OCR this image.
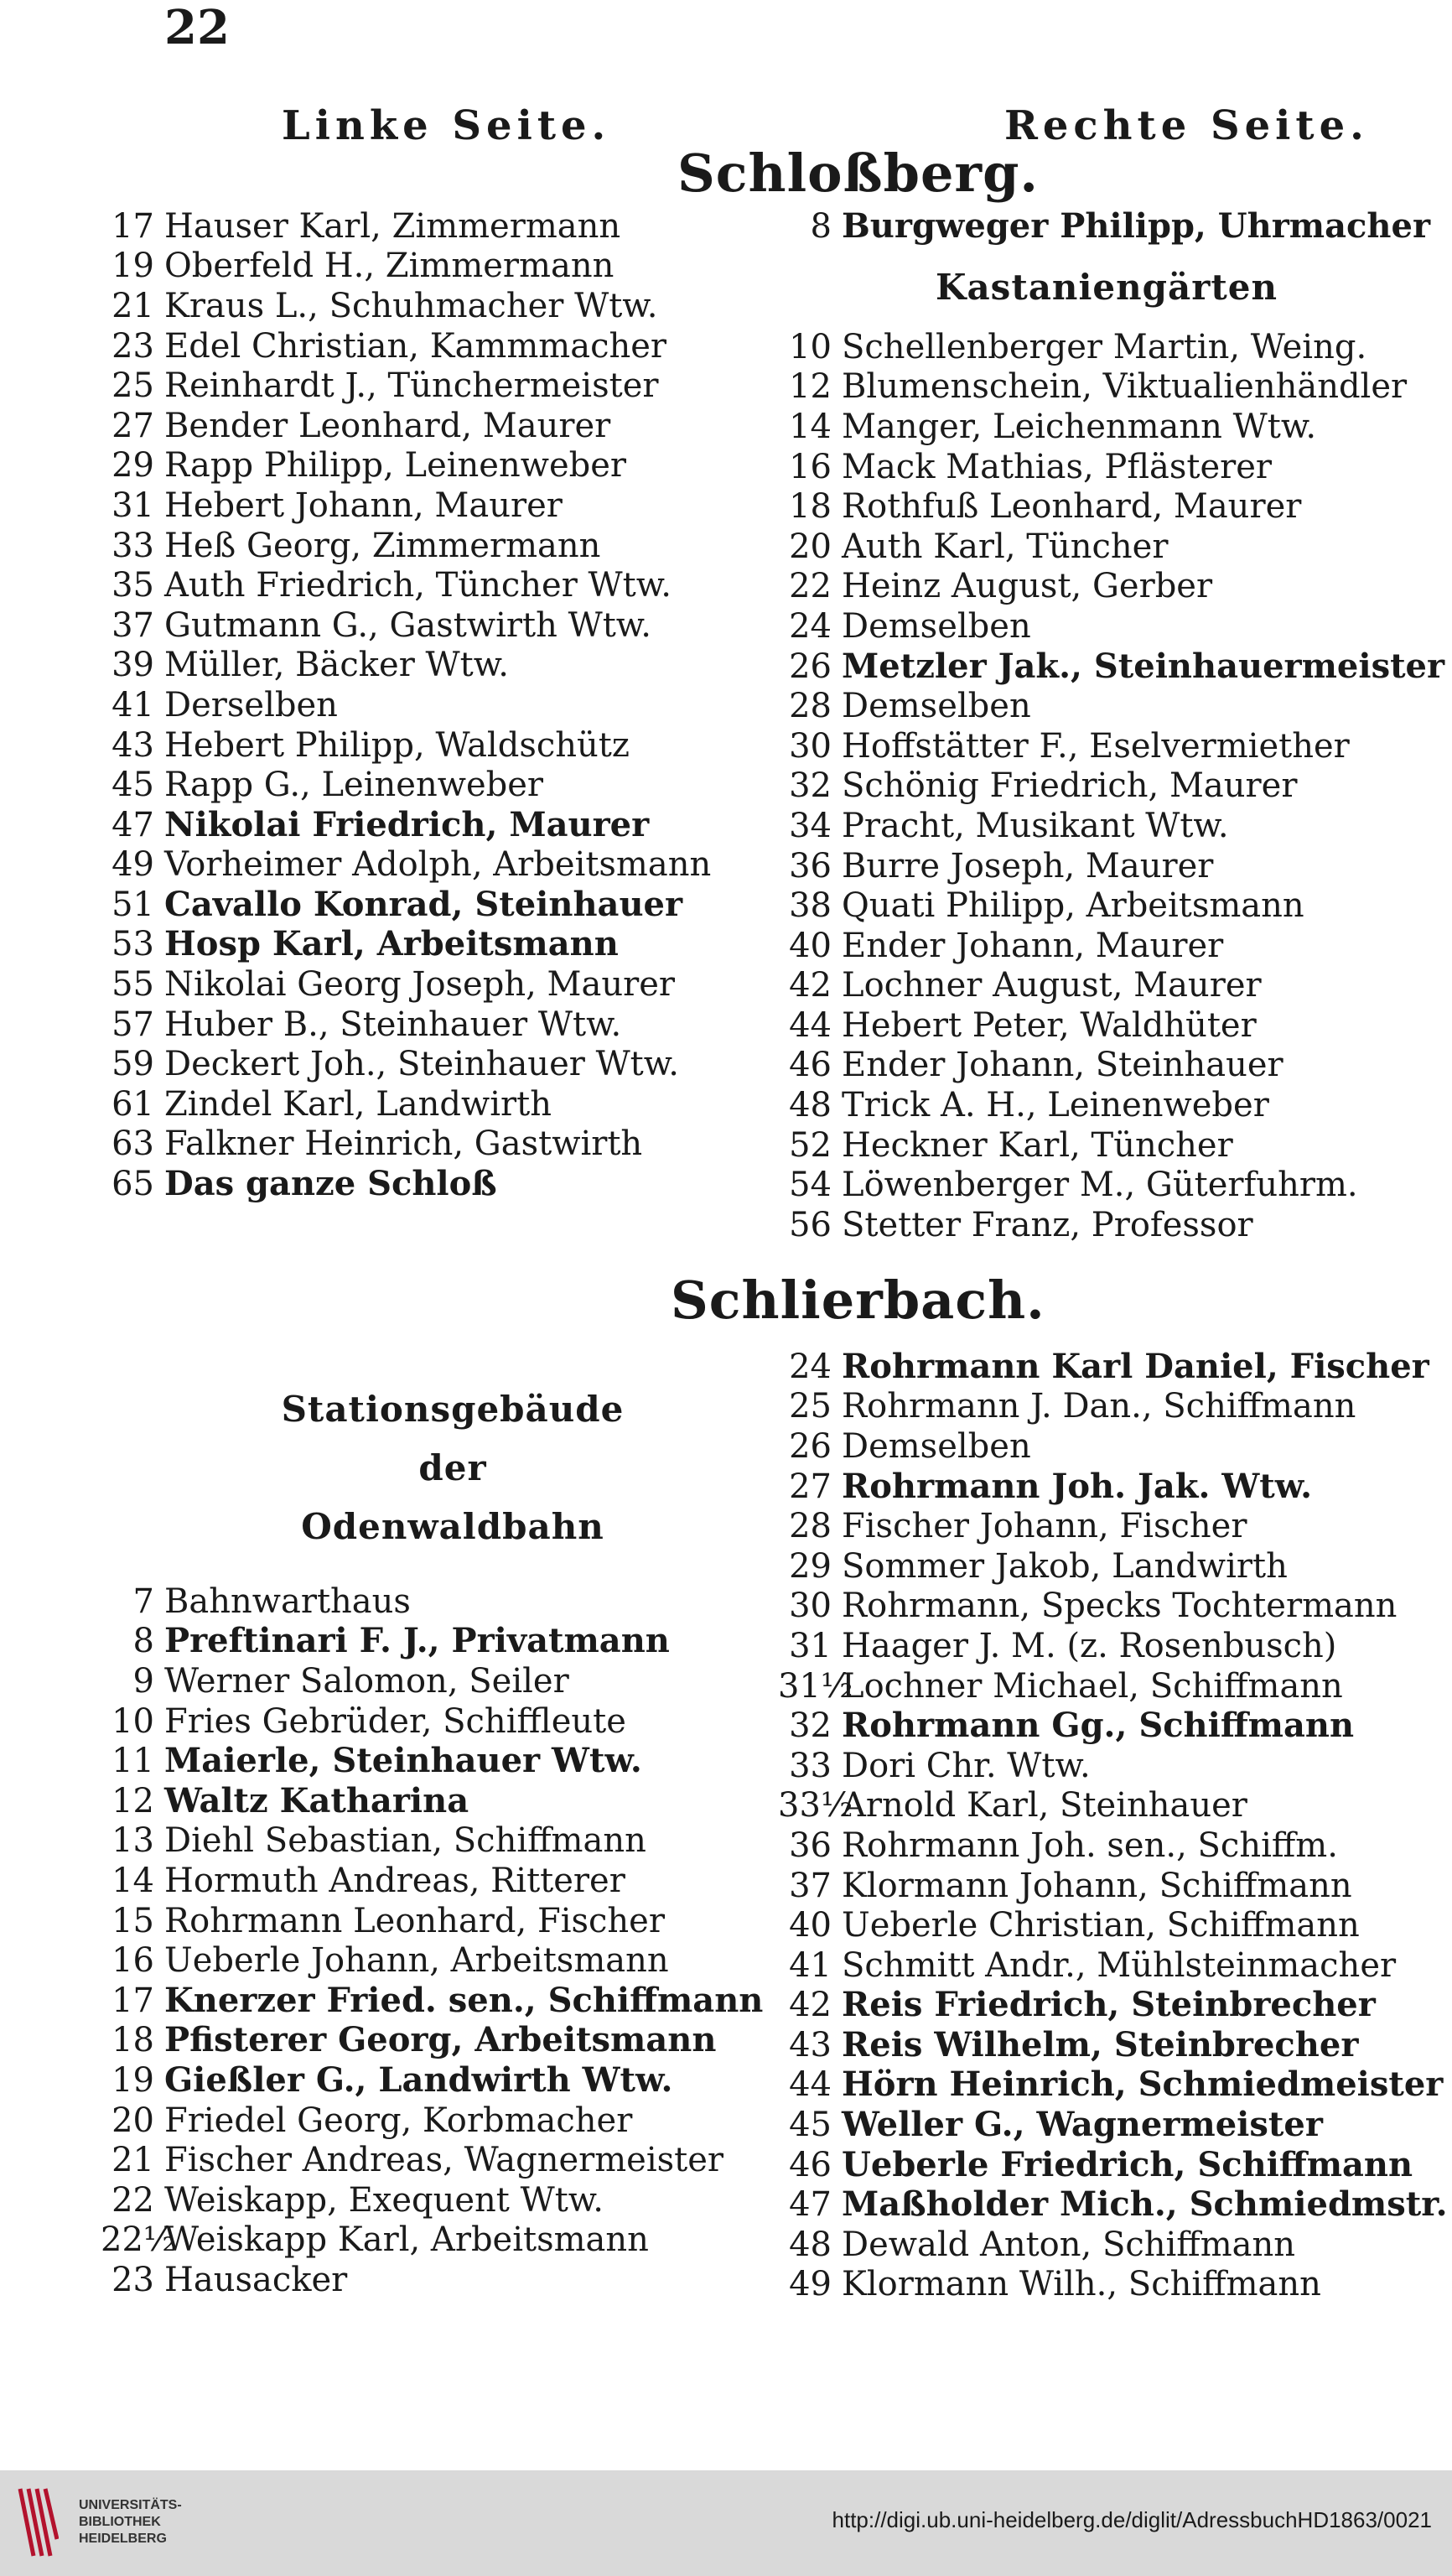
22
Linke Seite.	Rechte Seite.
Schloßberg.
17 Hauser Karl, Zimmermann
19 Oberfeld H., Zimmermann
21 Kraus L., Schuhmacher Wtw.
23 Edel Christian, Kammmacher
25 Reinhardt J., Tünchermeister
27 Bender Leonhard, Maurer
29 Rapp Philipp, Leinenweber
31 Hebert Johann, Maurer
33 Heß Georg, Zimmermann
35 Auth Friedrich, Tüncher Wtw.
37 Gutmann G., Gastwirth Wtw.
39 Müller, Bäcker Wtw.
41 Derselben
43 Hebert Philipp, Waldschütz
45 Rapp G., Leinenweber
47 Nikolai Friedrich, Maurer
49 Vorheimer Adolph, Arbeitsmann
51 Cavallo Konrad, Steinhauer
53 Hosp Karl, Arbeitsmann
55 Nikolai Georg Joseph, Maurer
57 Huber B., Steinhauer Wtw.
59 Deckert Joh., Steinhauer Wtw.
61 Zindel Karl, Landwirth
63 Falkner Heinrich, Gastwirth
65 Das ganze Schloß
8 Burgweger Philipp, Uhrmacher
Kastaniengärten
10 Schellenberger Martin, Weing.
12 Blumenschein, Viktualienhändler
14 Manger, Leichenmann Wtw.
16 Mack Mathias, Pflästerer
18 Rothfuß Leonhard, Maurer
20 Auth Karl, Tüncher
22 Heinz August, Gerber
24 Demselben
26 Metzler Jak., Steinhauermeister
28 Demselben
30 Hoffstätter F., Eselvermiether
32 Schönig Friedrich, Maurer
34 Pracht, Musikant Wtw.
36 Burre Joseph, Maurer
38 Quati Philipp, Arbeitsmann
40 Ender Johann, Maurer
42 Lochner August, Maurer
44 Hebert Peter, Waldhüter
46 Ender Johann, Steinhauer
48 Trick A. H., Leinenweber
52 Heckner Karl, Tüncher
54 Löwenberger M., Güterfuhrm.
56 Stetter Franz, Professor
Schlierbach.
Stationsgebäude
der
Odenwaldbahn
7 Bahnwarthaus
8 Preftinari F. J., Privatmann
9 Werner Salomon, Seiler
10 Fries Gebrüder, Schiffleute
11 Maierle, Steinhauer Wtw.
12 Waltz Katharina
13 Diehl Sebastian, Schiffmann
14 Hormuth Andreas, Ritterer
15 Rohrmann Leonhard, Fischer
16 Ueberle Johann, Arbeitsmann
17 Knerzer Fried. sen., Schiffmann
18 Pfisterer Georg, Arbeitsmann
19 Gießler G., Landwirth Wtw.
20 Friedel Georg, Korbmacher
21 Fischer Andreas, Wagnermeister
22 Weiskapp, Exequent Wtw.
22½
Weiskapp Karl, Arbeitsmann
23 Hausacker
24 Rohrmann Karl Daniel, Fischer
25 Rohrmann J. Dan., Schiffmann
26 Demselben
27 Rohrmann Joh. Jak. Wtw.
28 Fischer Johann, Fischer
29 Sommer Jakob, Landwirth
30 Rohrmann, Specks Tochtermann
31 Haager J. M. (z. Rosenbusch)
31½
Lochner Michael, Schiffmann
32 Rohrmann Gg., Schiffmann
33 Dori Chr. Wtw.
33½
Arnold Karl, Steinhauer
36 Rohrmann Joh. sen., Schiffm.
37 Klormann Johann, Schiffmann
40 Ueberle Christian, Schiffmann
41 Schmitt Andr., Mühlsteinmacher
42 Reis Friedrich, Steinbrecher
43 Reis Wilhelm, Steinbrecher
44 Hörn Heinrich, Schmiedmeister
45 Weller G., Wagnermeister
46 Ueberle Friedrich, Schiffmann
47 Maßholder Mich., Schmiedmstr.
48 Dewald Anton, Schiffmann
49 Klormann Wilh., Schiffmann
UNIVERSITÄTS-
BIBLIOTHEK
HEIDELBERG
http://digi.ub.uni-heidelberg.de/diglit/AdressbuchHD1863/0021
